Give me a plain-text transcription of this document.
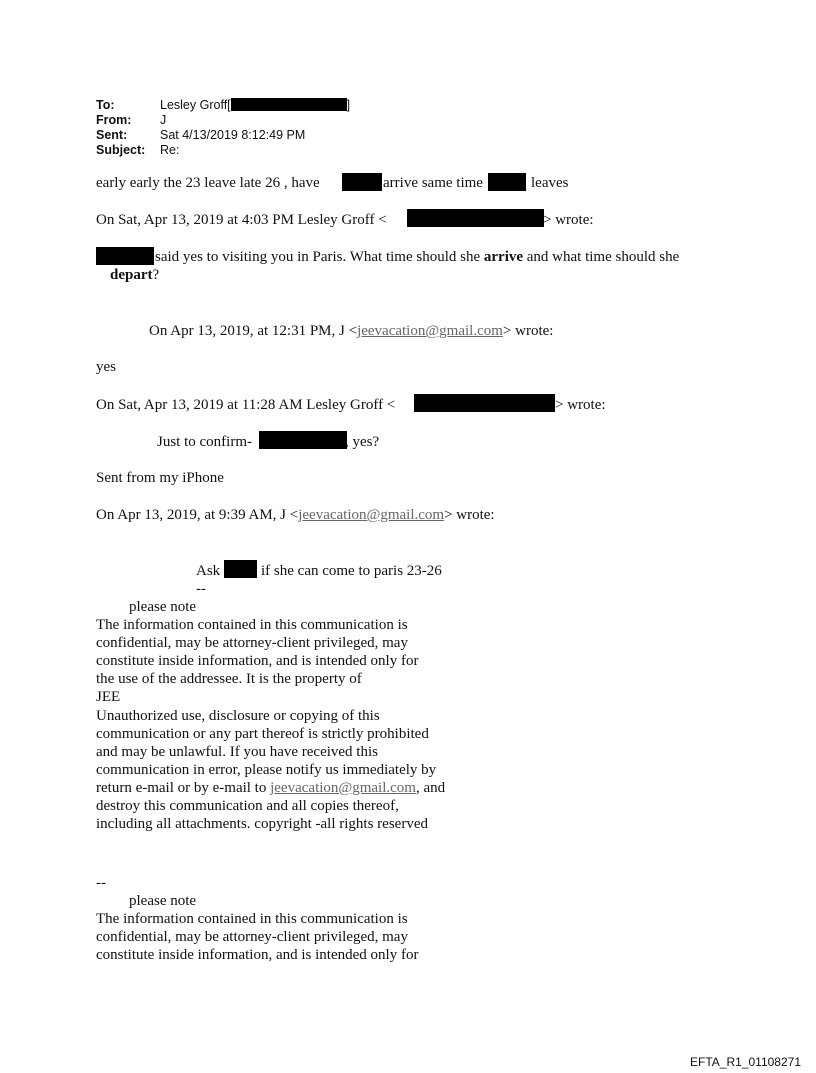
To:	Lesley Groff[	]
From: J
Sent:	Sat 4/13/2019 8:12:49 PM
Subject: Re:
early early the 23 leave late 26 , have	arrive same time	leaves
On Sat, Apr 13, 2019 at 4:03 PM Lesley Groff <	> wrote:
said yes to visiting you in Paris. What time should she arrive and what time should she
depart?
On Apr 13, 2019, at 12:31 PM, J <jeevacation@gmail.com> wrote:
yes
On Sat, Apr 13, 2019 at 11:28 AM Lesley Groff <	> wrote:
Just to confirm-	, yes?
Sent from my iPhone
On Apr 13, 2019, at 9:39 AM, J <jeevacation@gmail.com> wrote:
Ask	if she can come to paris 23-26
--
please note
The information contained in this communication is
confidential, may be attorney-client privileged, may
constitute inside information, and is intended only for
the use of the addressee. It is the property of
JEE
Unauthorized use, disclosure or copying of this
communication or any part thereof is strictly prohibited
and may be unlawful. If you have received this
communication in error, please notify us immediately by
return e-mail or by e-mail to jeevacation@gmail.com, and
destroy this communication and all copies thereof,
including all attachments. copyright -all rights reserved
--
please note
The information contained in this communication is
confidential, may be attorney-client privileged, may
constitute inside information, and is intended only for
EFTA_R1_01108271
